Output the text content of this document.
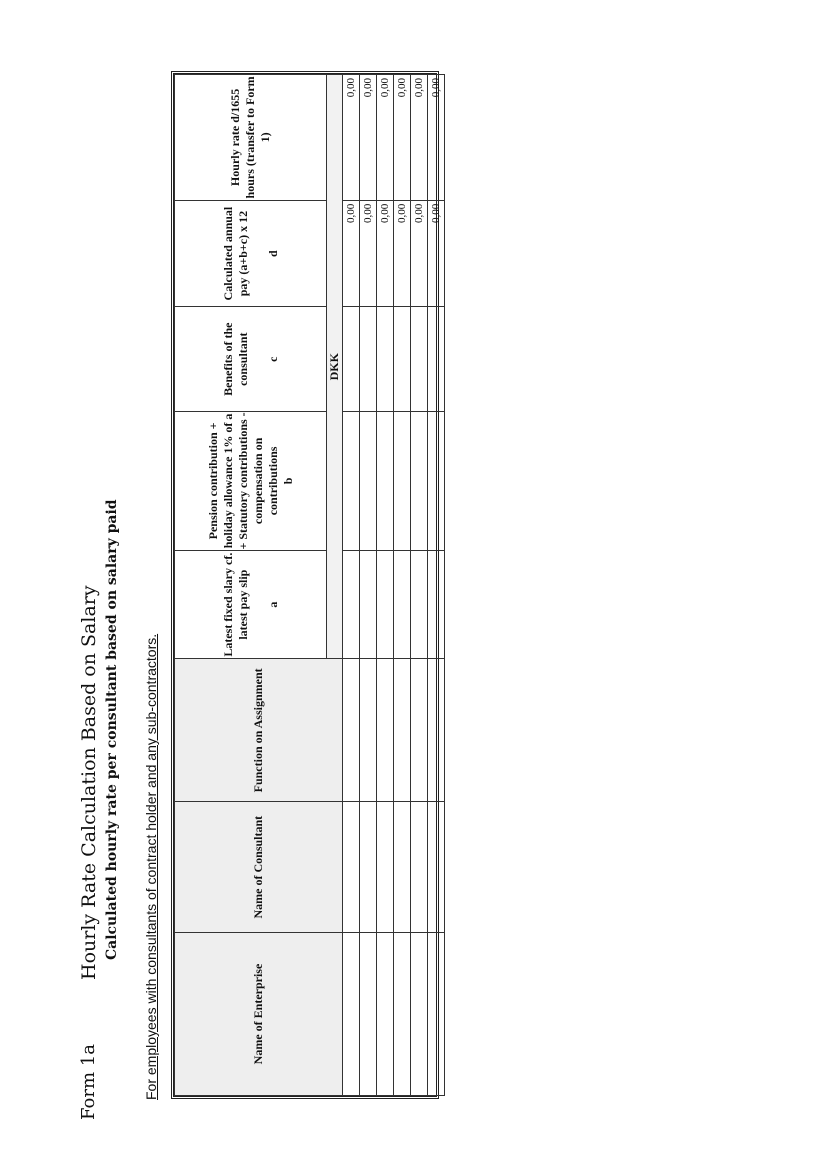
Form 1a
Hourly Rate Calculation Based on Salary Calculated hourly rate per consultant based on salary paid For employees with consultants of contract holder and any sub-contractors.	Name of Enterprise	Name of Consultant	Function on Assignment	Latest fixed slary cf. latest pay slip a	Pension contribution + holiday allowance 1% of a + Statutory contributions - compensation on contributions b	Benefits of the consultant c	Calculated annual pay (a+b+c) x 12 d	Hourly rate d/1655 hours (transfer to Form 1)
			DKK				
						0,00	0,00
						0,00	0,00
						0,00	0,00
						0,00	0,00
						0,00	0,00
						0,00	0,00
